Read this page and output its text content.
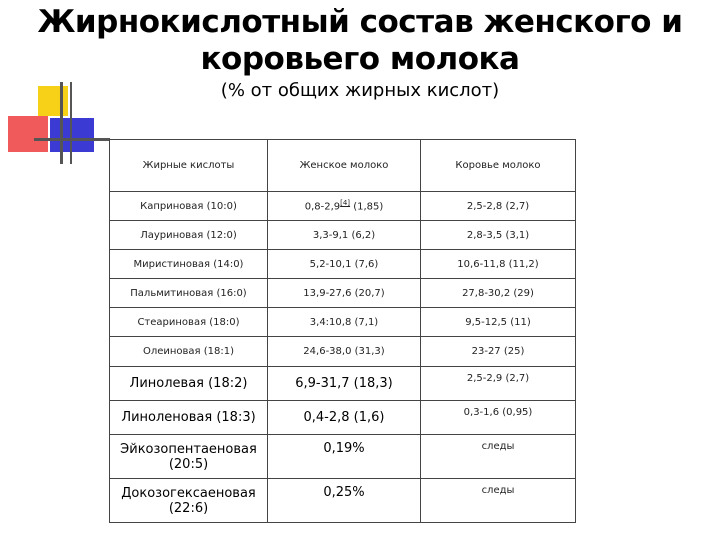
Жирнокислотный состав женского и
коровьего молока
(% от общих жирных кислот)
Жирные кислоты	Женское молоко	Коровье молоко
Каприновая (10:0)	0,8-2,9[4] (1,85)	2,5-2,8 (2,7)
Лауриновая (12:0)	3,3-9,1 (6,2)	2,8-3,5 (3,1)
Миристиновая (14:0)	5,2-10,1 (7,6)	10,6-11,8 (11,2)
Пальмитиновая (16:0)	13,9-27,6 (20,7)	27,8-30,2 (29)
Стеариновая (18:0)	3,4:10,8 (7,1)	9,5-12,5 (11)
Олеиновая (18:1)	24,6-38,0 (31,3)	23-27 (25)
Линолевая (18:2)	6,9-31,7 (18,3)	2,5-2,9 (2,7)
Линоленовая (18:3)	0,4-2,8 (1,6)	0,3-1,6 (0,95)
Эйкозопентаеновая (20:5)	0,19%	следы
Докозогексаеновая (22:6)	0,25%	следы
